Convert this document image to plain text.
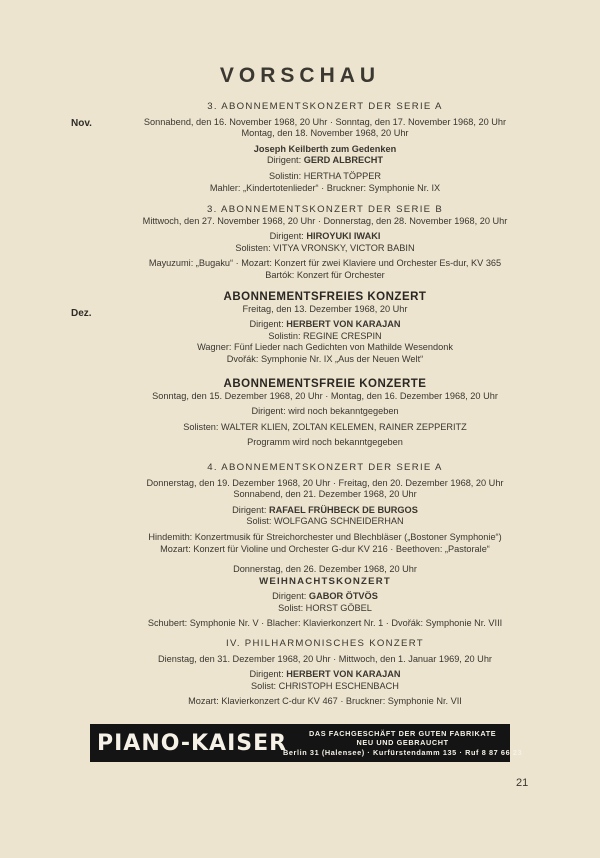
VORSCHAU
Nov.
Dez.
3. ABONNEMENTSKONZERT DER SERIE A
Sonnabend, den 16. November 1968, 20 Uhr · Sonntag, den 17. November 1968, 20 Uhr
Montag, den 18. November 1968, 20 Uhr
Joseph Keilberth zum Gedenken
Dirigent: GERD ALBRECHT
Solistin: HERTHA TÖPPER
Mahler: „Kindertotenlieder“ · Bruckner: Symphonie Nr. IX
3. ABONNEMENTSKONZERT DER SERIE B
Mittwoch, den 27. November 1968, 20 Uhr · Donnerstag, den 28. November 1968, 20 Uhr
Dirigent: HIROYUKI IWAKI
Solisten: VITYA VRONSKY, VICTOR BABIN
Mayuzumi: „Bugaku“ · Mozart: Konzert für zwei Klaviere und Orchester Es-dur, KV 365
Bartók: Konzert für Orchester
ABONNEMENTSFREIES KONZERT
Freitag, den 13. Dezember 1968, 20 Uhr
Dirigent: HERBERT VON KARAJAN
Solistin: REGINE CRESPIN
Wagner: Fünf Lieder nach Gedichten von Mathilde Wesendonk
Dvořák: Symphonie Nr. IX „Aus der Neuen Welt“
ABONNEMENTSFREIE KONZERTE
Sonntag, den 15. Dezember 1968, 20 Uhr · Montag, den 16. Dezember 1968, 20 Uhr
Dirigent: wird noch bekanntgegeben
Solisten: WALTER KLIEN, ZOLTAN KELEMEN, RAINER ZEPPERITZ
Programm wird noch bekanntgegeben
4. ABONNEMENTSKONZERT DER SERIE A
Donnerstag, den 19. Dezember 1968, 20 Uhr · Freitag, den 20. Dezember 1968, 20 Uhr
Sonnabend, den 21. Dezember 1968, 20 Uhr
Dirigent: RAFAEL FRÜHBECK DE BURGOS
Solist: WOLFGANG SCHNEIDERHAN
Hindemith: Konzertmusik für Streichorchester und Blechbläser („Bostoner Symphonie“)
Mozart: Konzert für Violine und Orchester G-dur KV 216 · Beethoven: „Pastorale“
Donnerstag, den 26. Dezember 1968, 20 Uhr
WEIHNACHTSKONZERT
Dirigent: GABOR ÖTVÖS
Solist: HORST GÖBEL
Schubert: Symphonie Nr. V · Blacher: Klavierkonzert Nr. 1 · Dvořák: Symphonie Nr. VIII
IV. PHILHARMONISCHES KONZERT
Dienstag, den 31. Dezember 1968, 20 Uhr · Mittwoch, den 1. Januar 1969, 20 Uhr
Dirigent: HERBERT VON KARAJAN
Solist: CHRISTOPH ESCHENBACH
Mozart: Klavierkonzert C-dur KV 467 · Bruckner: Symphonie Nr. VII
PIANO-KAISER	DAS FACHGESCHÄFT DER GUTEN FABRIKATE
NEU UND GEBRAUCHT
Berlin 31 (Halensee) · Kurfürstendamm 135 · Ruf 8 87 66 23
21
